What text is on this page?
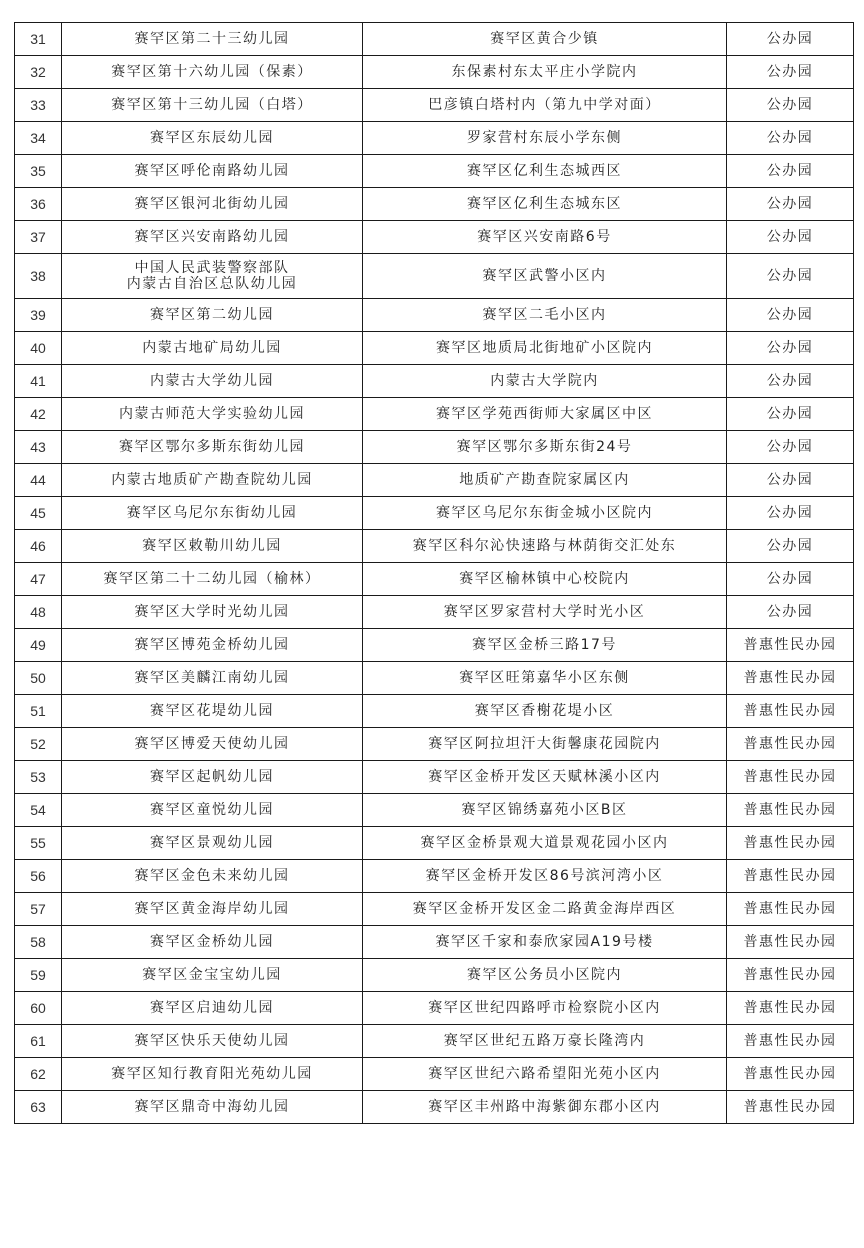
31	赛罕区第二十三幼儿园	赛罕区黄合少镇	公办园
32	赛罕区第十六幼儿园（保素）	东保素村东太平庄小学院内	公办园
33	赛罕区第十三幼儿园（白塔）	巴彦镇白塔村内（第九中学对面）	公办园
34	赛罕区东辰幼儿园	罗家营村东辰小学东侧	公办园
35	赛罕区呼伦南路幼儿园	赛罕区亿利生态城西区	公办园
36	赛罕区银河北街幼儿园	赛罕区亿利生态城东区	公办园
37	赛罕区兴安南路幼儿园	赛罕区兴安南路6号	公办园
38	中国人民武装警察部队
内蒙古自治区总队幼儿园	赛罕区武警小区内	公办园
39	赛罕区第二幼儿园	赛罕区二毛小区内	公办园
40	内蒙古地矿局幼儿园	赛罕区地质局北街地矿小区院内	公办园
41	内蒙古大学幼儿园	内蒙古大学院内	公办园
42	内蒙古师范大学实验幼儿园	赛罕区学苑西街师大家属区中区	公办园
43	赛罕区鄂尔多斯东街幼儿园	赛罕区鄂尔多斯东街24号	公办园
44	内蒙古地质矿产勘查院幼儿园	地质矿产勘查院家属区内	公办园
45	赛罕区乌尼尔东街幼儿园	赛罕区乌尼尔东街金城小区院内	公办园
46	赛罕区敕勒川幼儿园	赛罕区科尔沁快速路与林荫街交汇处东	公办园
47	赛罕区第二十二幼儿园（榆林）	赛罕区榆林镇中心校院内	公办园
48	赛罕区大学时光幼儿园	赛罕区罗家营村大学时光小区	公办园
49	赛罕区博苑金桥幼儿园	赛罕区金桥三路17号	普惠性民办园
50	赛罕区美麟江南幼儿园	赛罕区旺第嘉华小区东侧	普惠性民办园
51	赛罕区花堤幼儿园	赛罕区香榭花堤小区	普惠性民办园
52	赛罕区博爱天使幼儿园	赛罕区阿拉坦汗大街馨康花园院内	普惠性民办园
53	赛罕区起帆幼儿园	赛罕区金桥开发区天赋林溪小区内	普惠性民办园
54	赛罕区童悦幼儿园	赛罕区锦绣嘉苑小区B区	普惠性民办园
55	赛罕区景观幼儿园	赛罕区金桥景观大道景观花园小区内	普惠性民办园
56	赛罕区金色未来幼儿园	赛罕区金桥开发区86号滨河湾小区	普惠性民办园
57	赛罕区黄金海岸幼儿园	赛罕区金桥开发区金二路黄金海岸西区	普惠性民办园
58	赛罕区金桥幼儿园	赛罕区千家和泰欣家园A19号楼	普惠性民办园
59	赛罕区金宝宝幼儿园	赛罕区公务员小区院内	普惠性民办园
60	赛罕区启迪幼儿园	赛罕区世纪四路呼市检察院小区内	普惠性民办园
61	赛罕区快乐天使幼儿园	赛罕区世纪五路万豪长隆湾内	普惠性民办园
62	赛罕区知行教育阳光苑幼儿园	赛罕区世纪六路希望阳光苑小区内	普惠性民办园
63	赛罕区鼎奇中海幼儿园	赛罕区丰州路中海紫御东郡小区内	普惠性民办园
